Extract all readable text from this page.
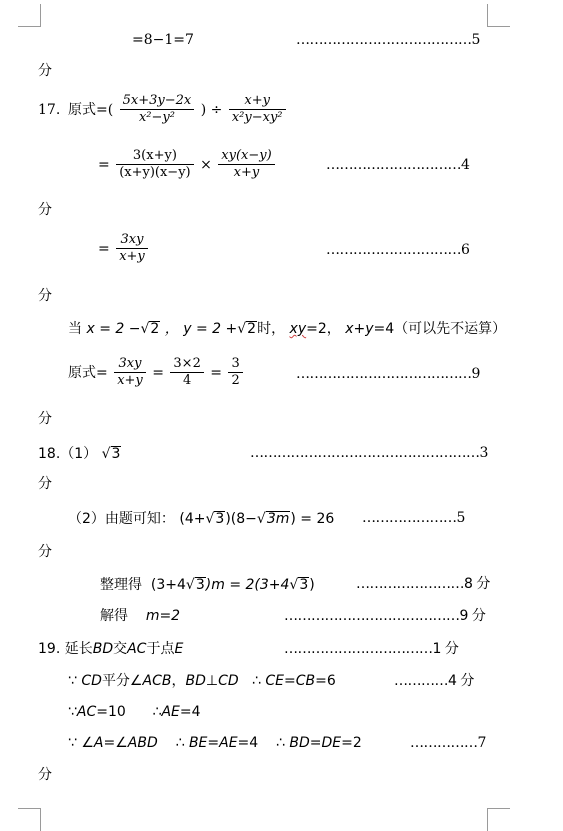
=8−1=7	…………………………………5
分
17. 原式=( $\frac{5x+3y-2x}{\text{x²−y²}}$ ) ÷ $\frac{x+y}{\text{x²y−xy²}}$
= $\frac{3(x+y)}{(x+y)(x-y)} \times \frac{xy(x-y)}{x+y}$	…………………………4
分
= $\frac{3xy}{x+y}$	…………………………6
分
当 x = 2 −√2 ， y = 2 +√2时， xy=2， x+y=4（可以先不运算）
原式= $\frac{3xy}{x+y} = \frac{3\times 2}{4} = \frac{3}{2}$	…………………………………9
分
18.（1） √3	……………………………………………3
分
（2）由题可知： (4+√3)(8−√3m) = 26 …………………5
分
整理得 (3+4√3)m = 2(3+4√3)	……………………8 分
解得 m=2	…………………………………9 分
19. 延长BD交AC于点E	……………………………1 分
∵ CD平分∠ACB，BD⊥CD ∴ CE=CB=6	…………4 分
∵AC=10 ∴AE=4
∵ ∠A=∠ABD ∴ BE=AE=4 ∴ BD=DE=2	……………7
分
